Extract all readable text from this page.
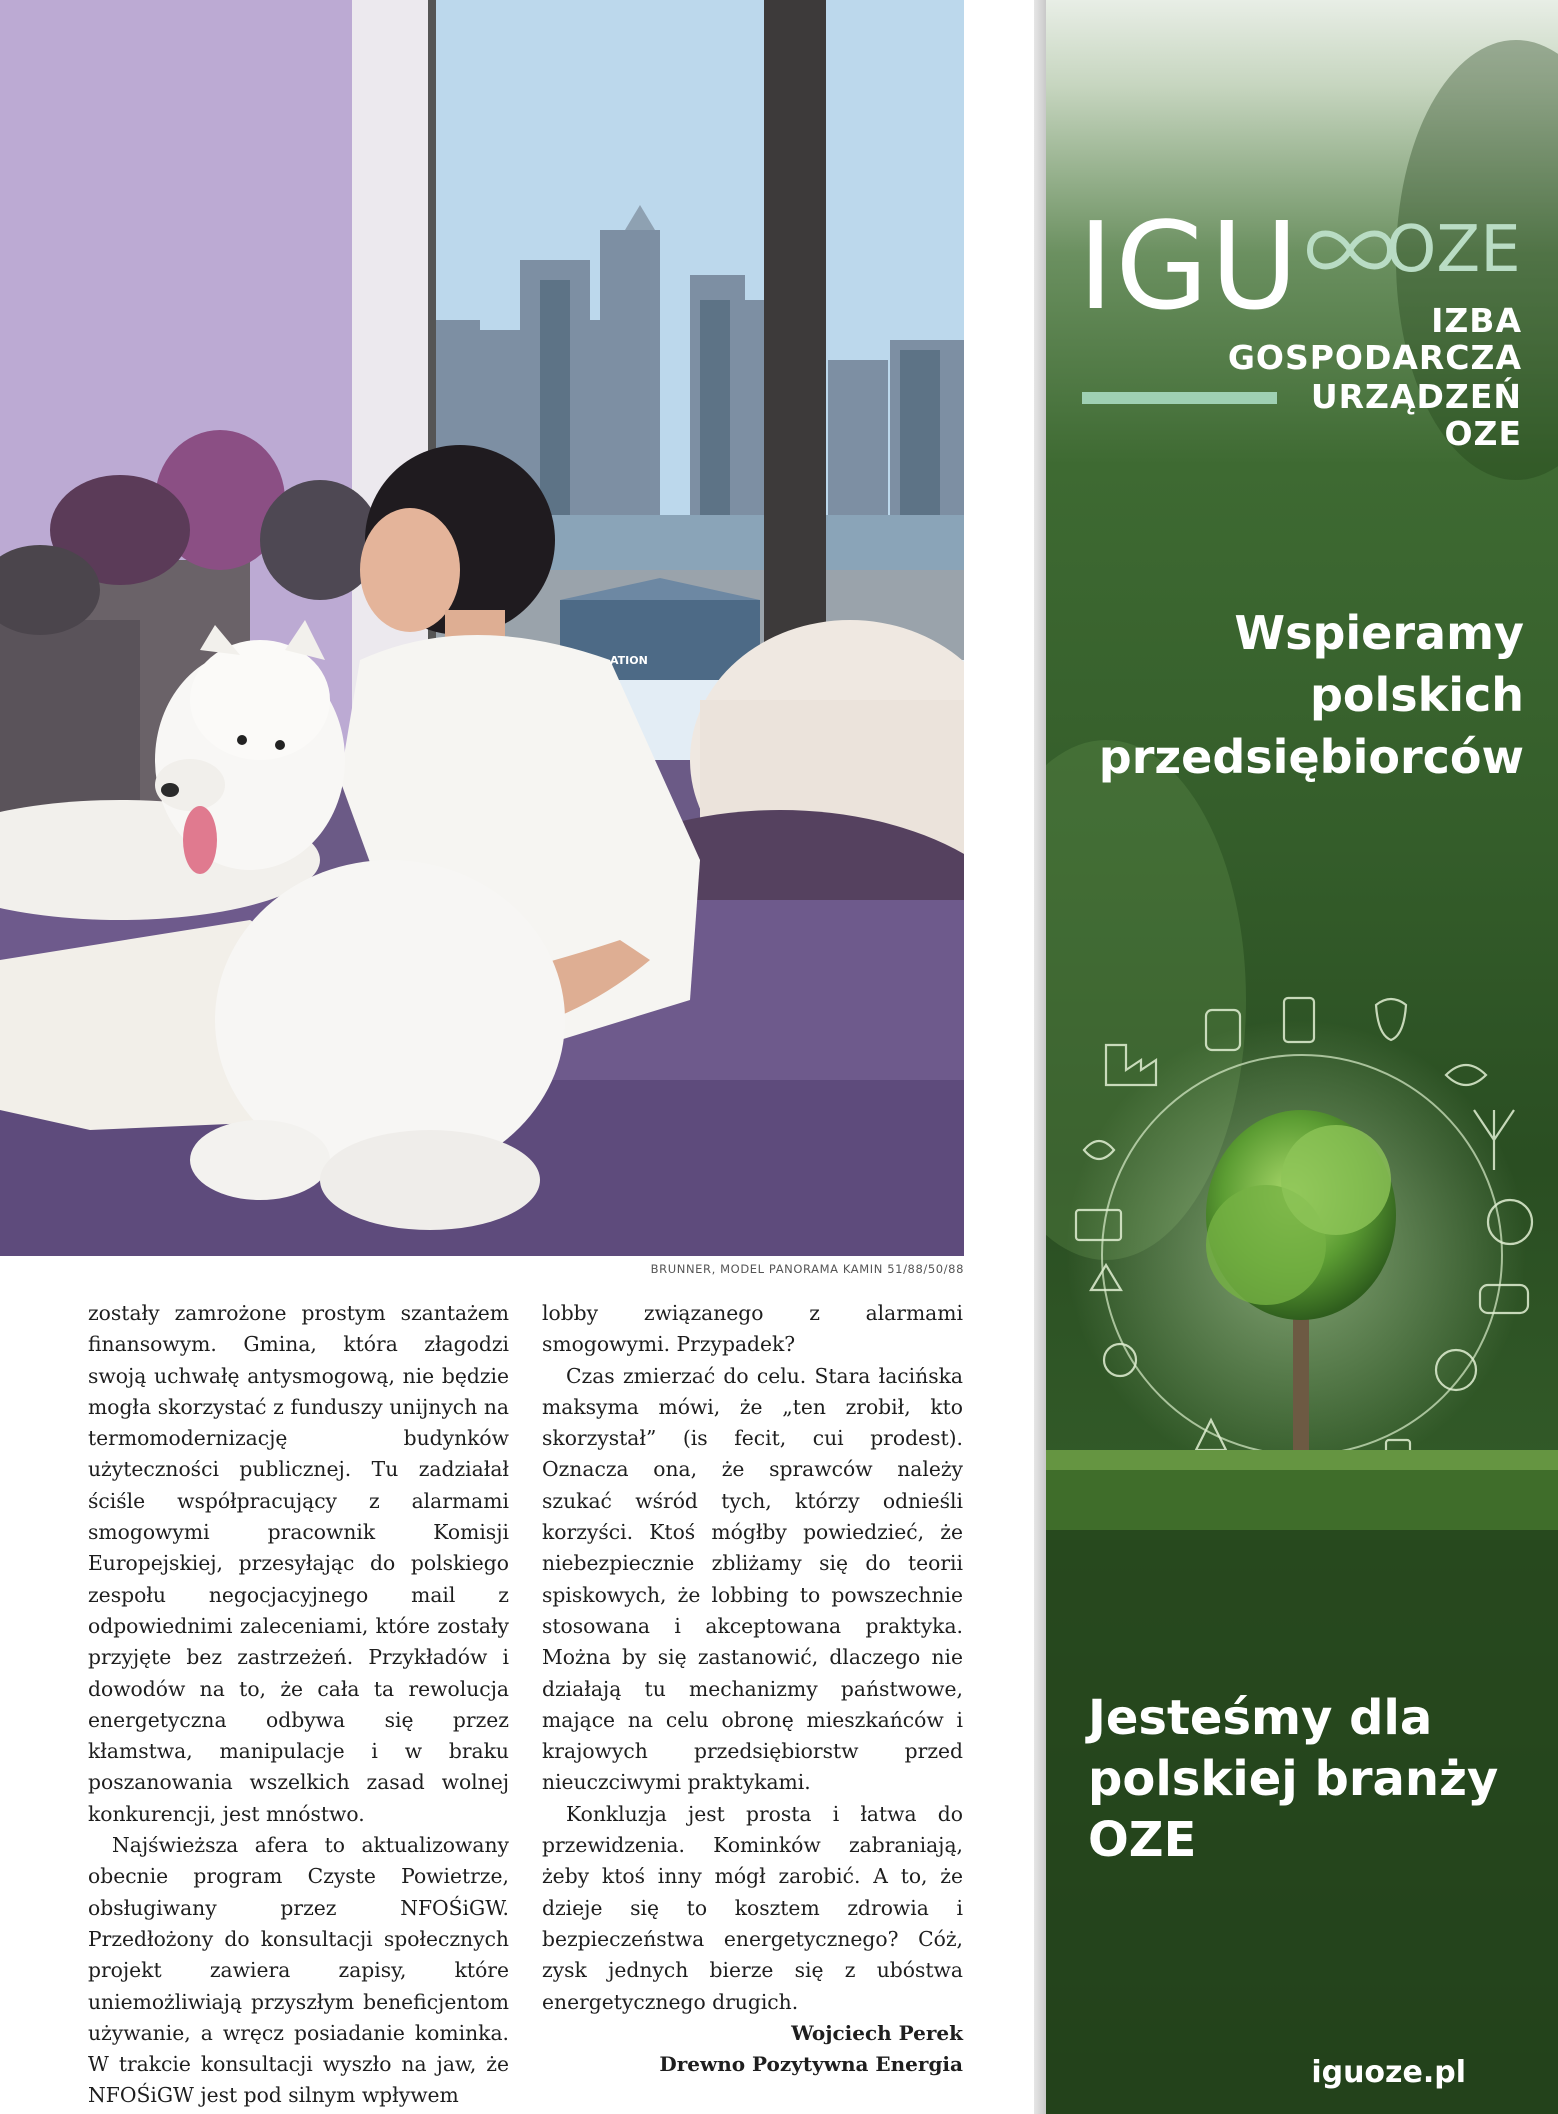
ATION
BRUNNER, MODEL PANORAMA KAMIN 51/88/50/88

zostały zamrożone prostym szantażem finansowym. Gmina, która złagodzi swoją uchwałę antysmogową, nie będzie mogła skorzystać z funduszy unijnych na termomodernizację budynków użyteczności publicznej. Tu zadziałał ściśle współpracujący z alarmami smogowymi pracownik Komisji Europejskiej, przesyłając do polskiego zespołu negocjacyjnego mail z odpowiednimi zaleceniami, które zostały przyjęte bez zastrzeżeń. Przykładów i dowodów na to, że cała ta rewolucja energetyczna odbywa się przez kłamstwa, manipulacje i w braku poszanowania wszelkich zasad wolnej konkurencji, jest mnóstwo.

Najświeższa afera to aktualizowany obecnie program Czyste Powietrze, obsługiwany przez NFOŚiGW. Przedłożony do konsultacji społecznych projekt zawiera zapisy, które uniemożliwiają przyszłym beneficjentom używanie, a wręcz posiadanie kominka. W trakcie konsultacji wyszło na jaw, że NFOŚiGW jest pod silnym wpływem

lobby związanego z alarmami smogowymi. Przypadek?

Czas zmierzać do celu. Stara łacińska maksyma mówi, że „ten zrobił, kto skorzystał” (is fecit, cui prodest). Oznacza ona, że sprawców należy szukać wśród tych, którzy odnieśli korzyści. Ktoś mógłby powiedzieć, że niebezpiecznie zbliżamy się do teorii spiskowych, że lobbing to powszechnie stosowana i akceptowana praktyka. Można by się zastanowić, dlaczego nie działają tu mechanizmy państwowe, mające na celu obronę mieszkańców i krajowych przedsiębiorstw przed nieuczciwymi praktykami.

Konkluzja jest prosta i łatwa do przewidzenia. Kominków zabraniają, żeby ktoś inny mógł zarobić. A to, że dzieje się to kosztem zdrowia i bezpieczeństwa energetycznego? Cóż, zysk jednych bierze się z ubóstwa energetycznego drugich.

Wojciech Perek
Drewno Pozytywna Energia
IGU OZE
IZBA
GOSPODARCZA
URZĄDZEŃ
OZE
Wspieramy polskich przedsiębiorców
Jesteśmy dla polskiej branży OZE
iguoze.pl
